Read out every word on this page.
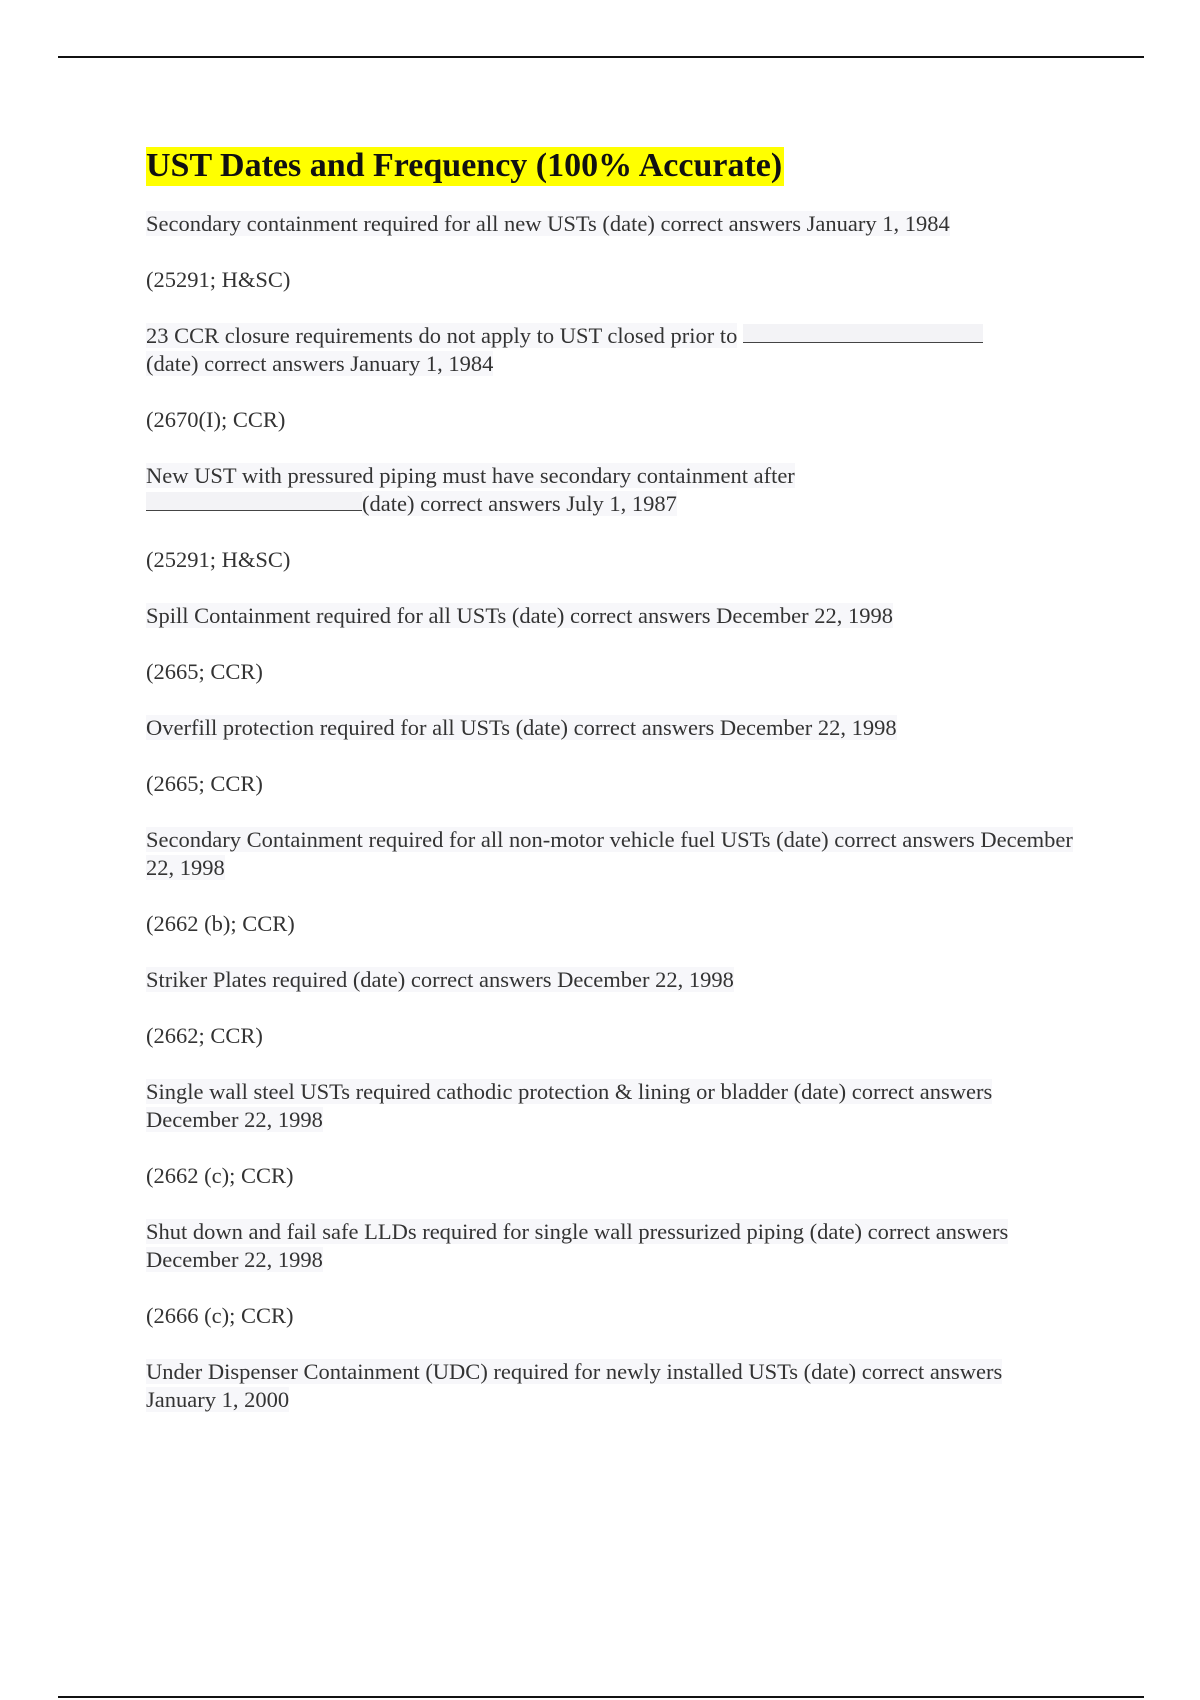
UST Dates and Frequency (100% Accurate)

Secondary containment required for all new USTs (date) correct answers January 1, 1984

(25291; H&SC)

23 CCR closure requirements do not apply to UST closed prior to
(date) correct answers January 1, 1984

(2670(I); CCR)

New UST with pressured piping must have secondary containment after
(date) correct answers July 1, 1987

(25291; H&SC)

Spill Containment required for all USTs (date) correct answers December 22, 1998

(2665; CCR)

Overfill protection required for all USTs (date) correct answers December 22, 1998

(2665; CCR)

Secondary Containment required for all non-motor vehicle fuel USTs (date) correct answers December 22, 1998

(2662 (b); CCR)

Striker Plates required (date) correct answers December 22, 1998

(2662; CCR)

Single wall steel USTs required cathodic protection & lining or bladder (date) correct answers December 22, 1998

(2662 (c); CCR)

Shut down and fail safe LLDs required for single wall pressurized piping (date) correct answers December 22, 1998

(2666 (c); CCR)

Under Dispenser Containment (UDC) required for newly installed USTs (date) correct answers January 1, 2000
